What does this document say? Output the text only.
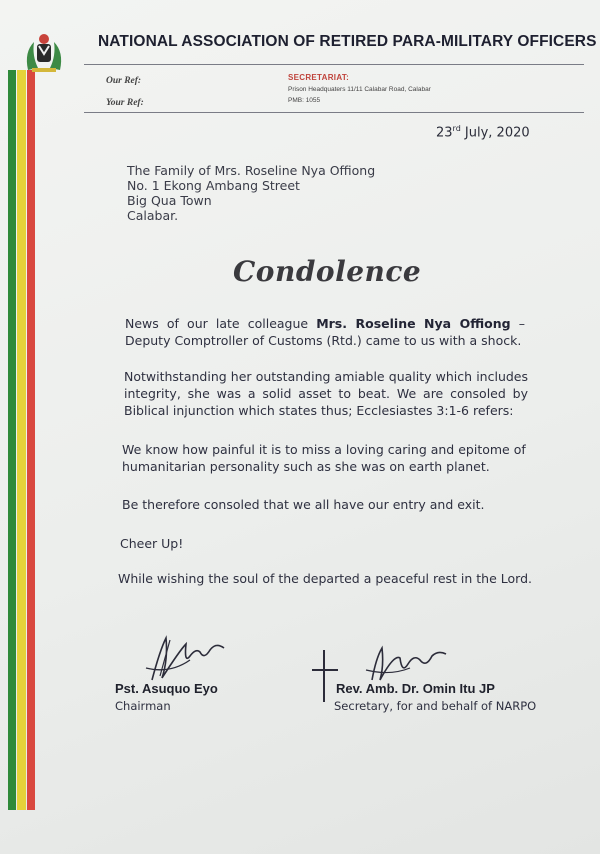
NATIONAL ASSOCIATION OF RETIRED PARA-MILITARY OFFICERS
Our Ref:
Your Ref:
SECRETARIAT:
Prison Headquaters 11/11 Calabar Road, Calabar
PMB: 1055
23rd July, 2020
The Family of Mrs. Roseline Nya Offiong
No. 1 Ekong Ambang Street
Big Qua Town
Calabar.
Condolence
News of our late colleague Mrs. Roseline Nya Offiong – Deputy Comptroller of Customs (Rtd.) came to us with a shock.
Notwithstanding her outstanding amiable quality which includes integrity, she was a solid asset to beat. We are consoled by Biblical injunction which states thus; Ecclesiastes 3:1-6 refers:
We know how painful it is to miss a loving caring and epitome of humanitarian personality such as she was on earth planet.
Be therefore consoled that we all have our entry and exit.
Cheer Up!
While wishing the soul of the departed a peaceful rest in the Lord.
Pst. Asuquo Eyo
Chairman
Rev. Amb. Dr. Omin Itu JP
Secretary, for and behalf of NARPO
